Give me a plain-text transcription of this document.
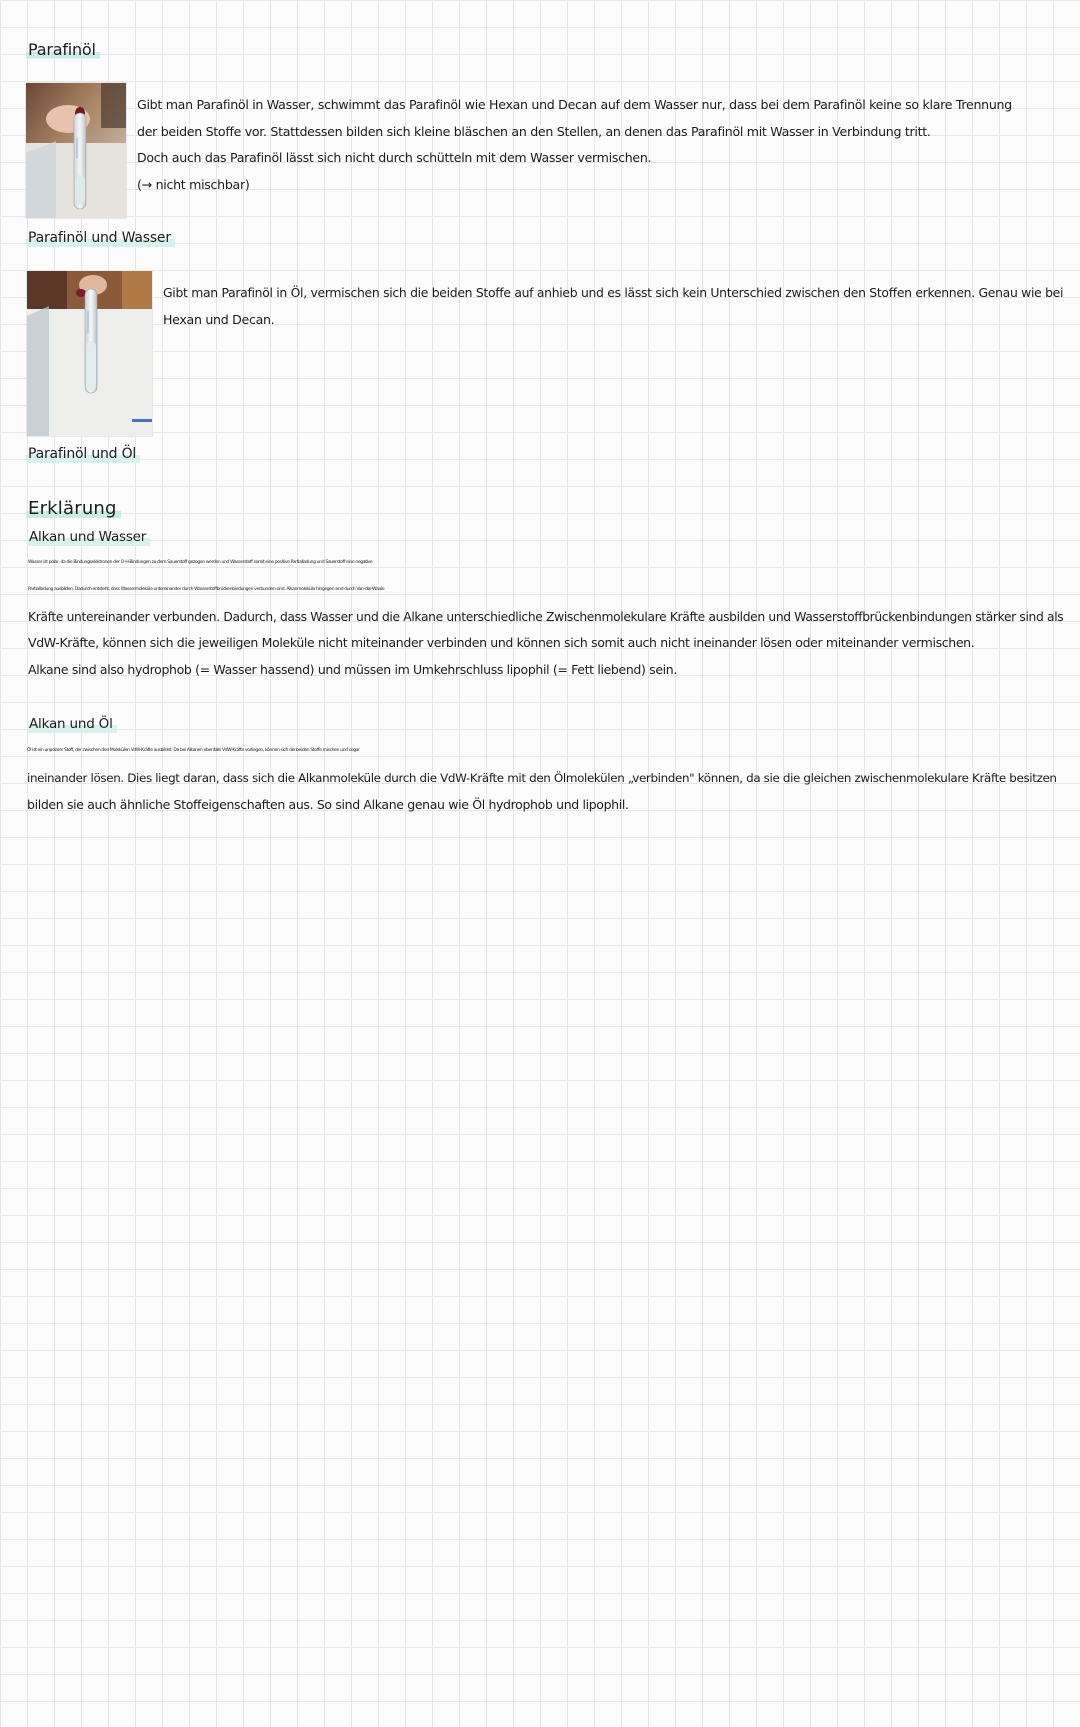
Parafinöl

Gibt man Parafinöl in Wasser, schwimmt das Parafinöl wie Hexan und Decan auf dem Wasser nur, dass bei dem Parafinöl keine so klare Trennung

der beiden Stoffe vor. Stattdessen bilden sich kleine bläschen an den Stellen, an denen das Parafinöl mit Wasser in Verbindung tritt.

Doch auch das Parafinöl lässt sich nicht durch schütteln mit dem Wasser vermischen.

(→ nicht mischbar)

Parafinöl und Wasser

Gibt man Parafinöl in Öl, vermischen sich die beiden Stoffe auf anhieb und es lässt sich kein Unterschied zwischen den Stoffen erkennen. Genau wie bei

Hexan und Decan.

Parafinöl und Öl
Erklärung
Alkan und Wasser

Wasser ist polar, da die Bindungselektronen der O-H-Bindungen zu dem Sauerstoff gezogen werden und Wasserstoff somit eine positive Partialladung und Sauerstoff eine negative

Partialladung ausbilden. Dadurch entsteht, dass Wassermoleküle untereinander durch Wasserstoffbrückenbindungen verbunden sind. Alkanmoleküle hingegen sind durch Van-der-Waals-

Kräfte untereinander verbunden. Dadurch, dass Wasser und die Alkane unterschiedliche Zwischenmolekulare Kräfte ausbilden und Wasserstoffbrückenbindungen stärker sind als

VdW-Kräfte, können sich die jeweiligen Moleküle nicht miteinander verbinden und können sich somit auch nicht ineinander lösen oder miteinander vermischen.

Alkane sind also hydrophob (= Wasser hassend) und müssen im Umkehrschluss lipophil (= Fett liebend) sein.

Alkan und Öl

Öl ist ein unpolarer Stoff, der zwischen den Molekülen VdW-Kräfte ausbildet. Da bei Alkanen ebenfalls VdW-Kräfte vorliegen, können sich die beiden Stoffe mischen und sogar

ineinander lösen. Dies liegt daran, dass sich die Alkanmoleküle durch die VdW-Kräfte mit den Ölmolekülen „verbinden" können, da sie die gleichen zwischenmolekulare Kräfte besitzen

bilden sie auch ähnliche Stoffeigenschaften aus. So sind Alkane genau wie Öl hydrophob und lipophil.
